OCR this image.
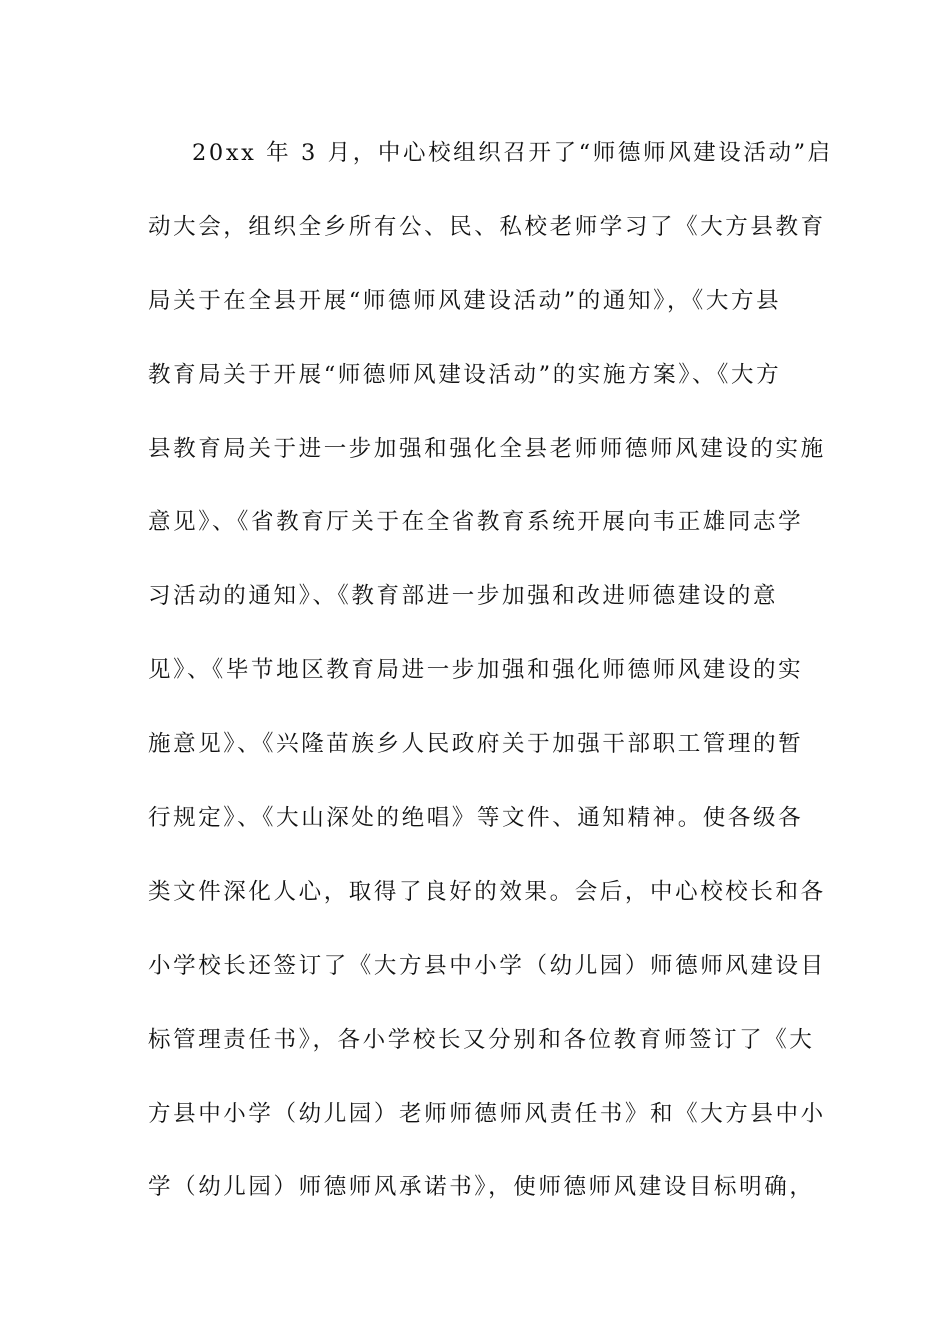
20xx 年 3 月，中心校组织召开了“师德师风建设活动”启
动大会，组织全乡所有公、民、私校老师学习了《大方县教育
局关于在全县开展“师德师风建设活动”的通知》，《大方县
教育局关于开展“师德师风建设活动”的实施方案》、《大方
县教育局关于进一步加强和强化全县老师师德师风建设的实施
意见》、《省教育厅关于在全省教育系统开展向韦正雄同志学
习活动的通知》、《教育部进一步加强和改进师德建设的意
见》、《毕节地区教育局进一步加强和强化师德师风建设的实
施意见》、《兴隆苗族乡人民政府关于加强干部职工管理的暂
行规定》、《大山深处的绝唱》等文件、通知精神。使各级各
类文件深化人心，取得了良好的效果。会后，中心校校长和各
小学校长还签订了《大方县中小学（幼儿园）师德师风建设目
标管理责任书》，各小学校长又分别和各位教育师签订了《大
方县中小学（幼儿园）老师师德师风责任书》和《大方县中小
学（幼儿园）师德师风承诺书》，使师德师风建设目标明确，
